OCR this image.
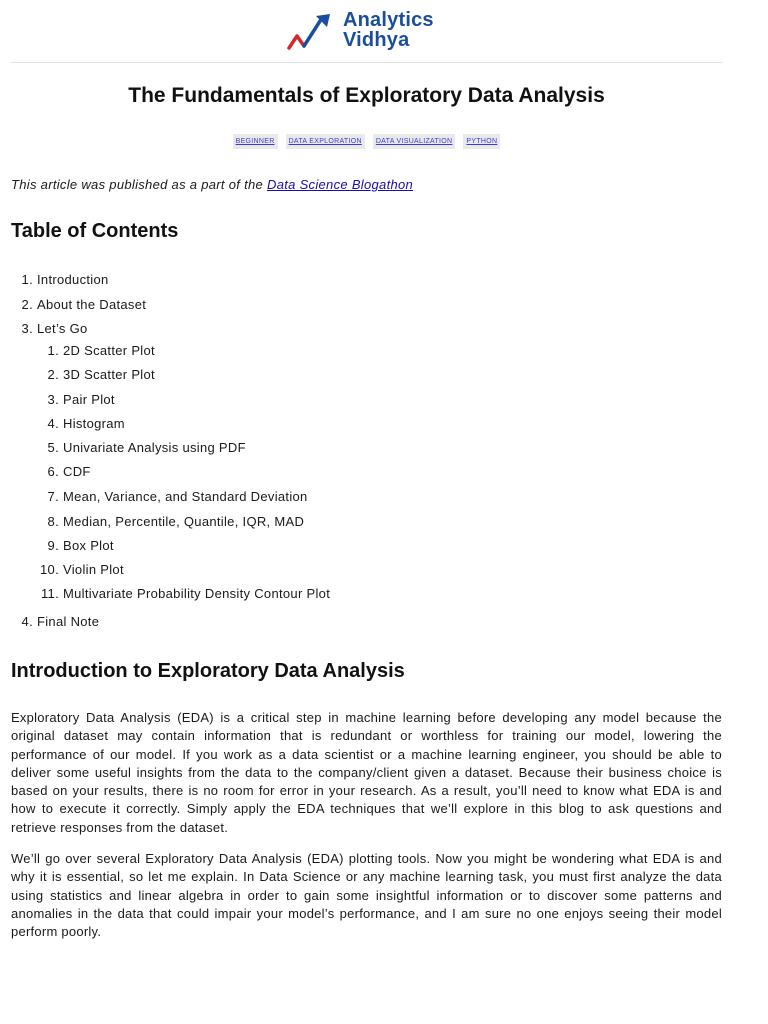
Analytics
Vidhya
The Fundamentals of Exploratory Data Analysis
BEGINNER	DATA EXPLORATION	DATA VISUALIZATION	PYTHON

This article was published as a part of the Data Science Blogathon

Table of Contents
1. Introduction
2. About the Dataset
3. Let’s Go
1. 2D Scatter Plot
2. 3D Scatter Plot
3. Pair Plot
4. Histogram
5. Univariate Analysis using PDF
6. CDF
7. Mean, Variance, and Standard Deviation
8. Median, Percentile, Quantile, IQR, MAD
9. Box Plot
10. Violin Plot
11. Multivariate Probability Density Contour Plot
4. Final Note
Introduction to Exploratory Data Analysis

Exploratory Data Analysis (EDA) is a critical step in machine learning before developing any model because the original dataset may contain information that is redundant or worthless for training our model, lowering the performance of our model. If you work as a data scientist or a machine learning engineer, you should be able to deliver some useful insights from the data to the company/client given a dataset. Because their business choice is based on your results, there is no room for error in your research. As a result, you’ll need to know what EDA is and how to execute it correctly. Simply apply the EDA techniques that we’ll explore in this blog to ask questions and retrieve responses from the dataset.

We’ll go over several Exploratory Data Analysis (EDA) plotting tools. Now you might be wondering what EDA is and why it is essential, so let me explain. In Data Science or any machine learning task, you must first analyze the data using statistics and linear algebra in order to gain some insightful information or to discover some patterns and anomalies in the data that could impair your model’s performance, and I am sure no one enjoys seeing their model perform poorly.
